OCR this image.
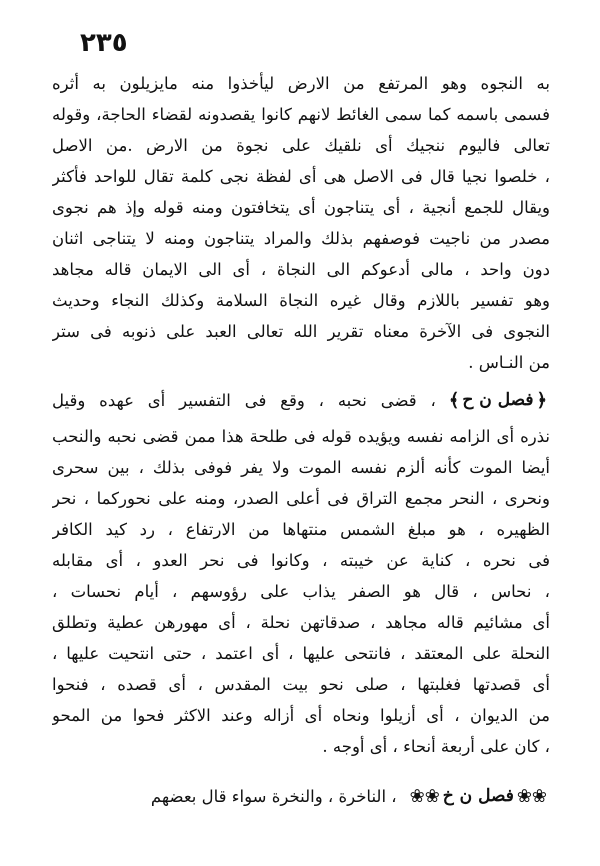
٢٣٥
به النجوه وهو المرتفع من الارض ليأخذوا منه مايزيلون به أثره
فسمى باسمه كما سمى الغائط لانهم كانوا يقصدونه لقضاء الحاجة، وقوله
تعالى فاليوم ننجيك أى نلقيك على نجوة من الارض .من الاصل
، خلصوا نجيا قال فى الاصل هى أى لفظة نجى كلمة تقال للواحد فأكثر
ويقال للجمع أنجية ، أى يتناجون أى يتخافتون ومنه قوله وإذ هم نجوى
مصدر من ناجيت فوصفهم بذلك والمراد يتناجون ومنه لا يتناجى اثنان
دون واحد ، مالى أدعوكم الى النجاة ، أى الى الايمان قاله مجاهد
وهو تفسير باللازم وقال غيره النجاة السلامة وكذلك النجاء وحديث
النجوى فى الآخرة معناه تقرير الله تعالى العبد على ذنوبه فى ستر
من النـاس .
﴿
فصل ن ح
﴾
، قضى نحبه ، وقع فى التفسير أى عهده وقيل
نذره أى الزامه نفسه ويؤيده قوله فى طلحة هذا ممن قضى نحبه والنحب
أيضا الموت كأنه ألزم نفسه الموت ولا يفر فوفى بذلك ، بين سحرى
ونحرى ، النحر مجمع التراق فى أعلى الصدر، ومنه على نحوركما ، نحر
الظهيره ، هو مبلغ الشمس منتهاها من الارتفاع ، رد كيد الكافر
فى نحره ، كناية عن خيبته ، وكانوا فى نحر العدو ، أى مقابله
، نحاس ، قال هو الصفر يذاب على رؤوسهم ، أيام نحسات ،
أى مشائيم قاله مجاهد ، صدقاتهن نحلة ، أى مهورهن عطية وتطلق
النحلة على المعتقد ، فانتحى عليها ، أى اعتمد ، حتى انتحيت عليها ،
أى قصدتها فغلبتها ، صلى نحو بيت المقدس ، أى قصده ، فنحوا
من الديوان ، أى أزيلوا ونحاه أى أزاله وعند الاكثر فحوا من المحو
، كان على أربعة أنحاء ، أى أوجه .
❀❀
فصل ن خ
❀❀
، الناخرة ، والنخرة سواء قال بعضهم
